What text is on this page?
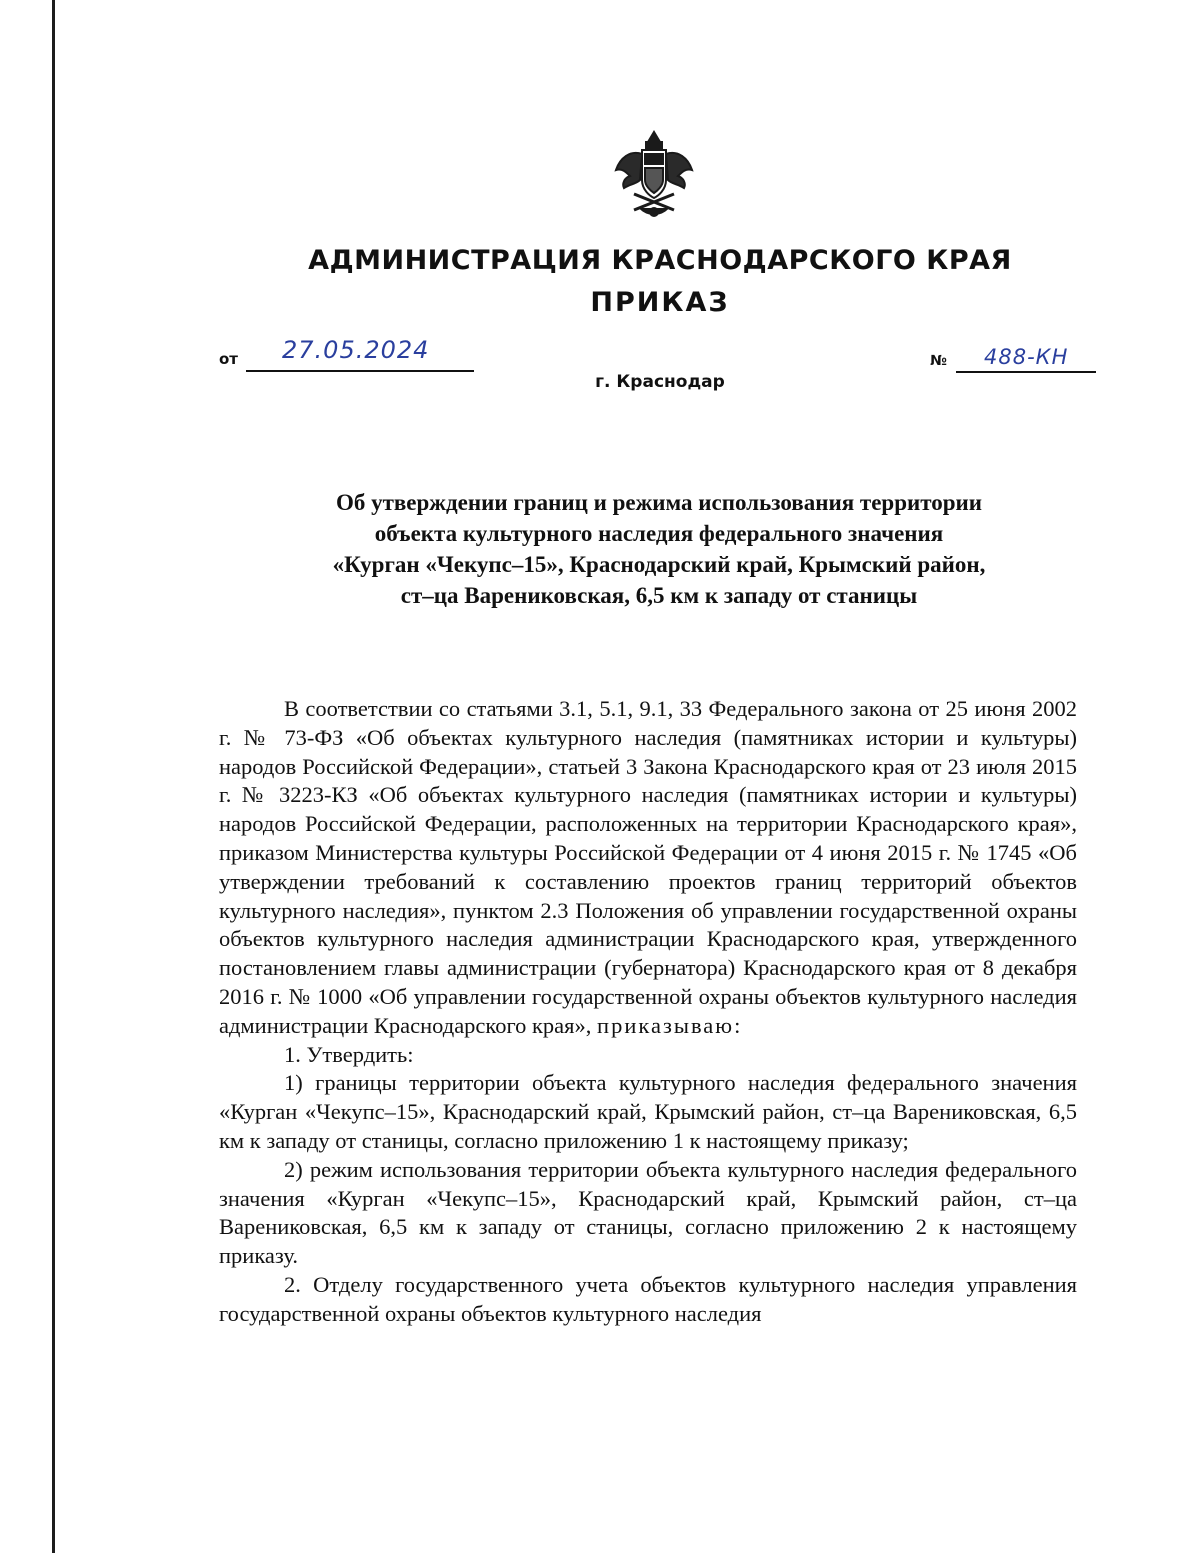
АДМИНИСТРАЦИЯ КРАСНОДАРСКОГО КРАЯ
ПРИКАЗ
от 27.05.2024	№ 488-КН
г. Краснодар
Об утверждении границ и режима использования территории
объекта культурного наследия федерального значения
«Курган «Чекупс–15», Краснодарский край, Крымский район,
ст–ца Варениковская, 6,5 км к западу от станицы

В соответствии со статьями 3.1, 5.1, 9.1, 33 Федерального закона от 25 июня 2002 г. № 73-ФЗ «Об объектах культурного наследия (памятниках истории и культуры) народов Российской Федерации», статьей 3 Закона Краснодарского края от 23 июля 2015 г. № 3223-КЗ «Об объектах культурного наследия (памятниках истории и культуры) народов Российской Федерации, расположенных на территории Краснодарского края», приказом Министерства культуры Российской Федерации от 4 июня 2015 г. № 1745 «Об утверждении требований к составлению проектов границ территорий объектов культурного наследия», пунктом 2.3 Положения об управлении государственной охраны объектов культурного наследия администрации Краснодарского края, утвержденного постановлением главы администрации (губернатора) Краснодарского края от 8 декабря 2016 г. № 1000 «Об управлении государственной охраны объектов культурного наследия администрации Краснодарского края», приказываю:

1. Утвердить:

1) границы территории объекта культурного наследия федерального значения «Курган «Чекупс–15», Краснодарский край, Крымский район, ст–ца Варениковская, 6,5 км к западу от станицы, согласно приложению 1 к настоящему приказу;

2) режим использования территории объекта культурного наследия федерального значения «Курган «Чекупс–15», Краснодарский край, Крымский район, ст–ца Варениковская, 6,5 км к западу от станицы, согласно приложению 2 к настоящему приказу.

2. Отделу государственного учета объектов культурного наследия управления государственной охраны объектов культурного наследия
